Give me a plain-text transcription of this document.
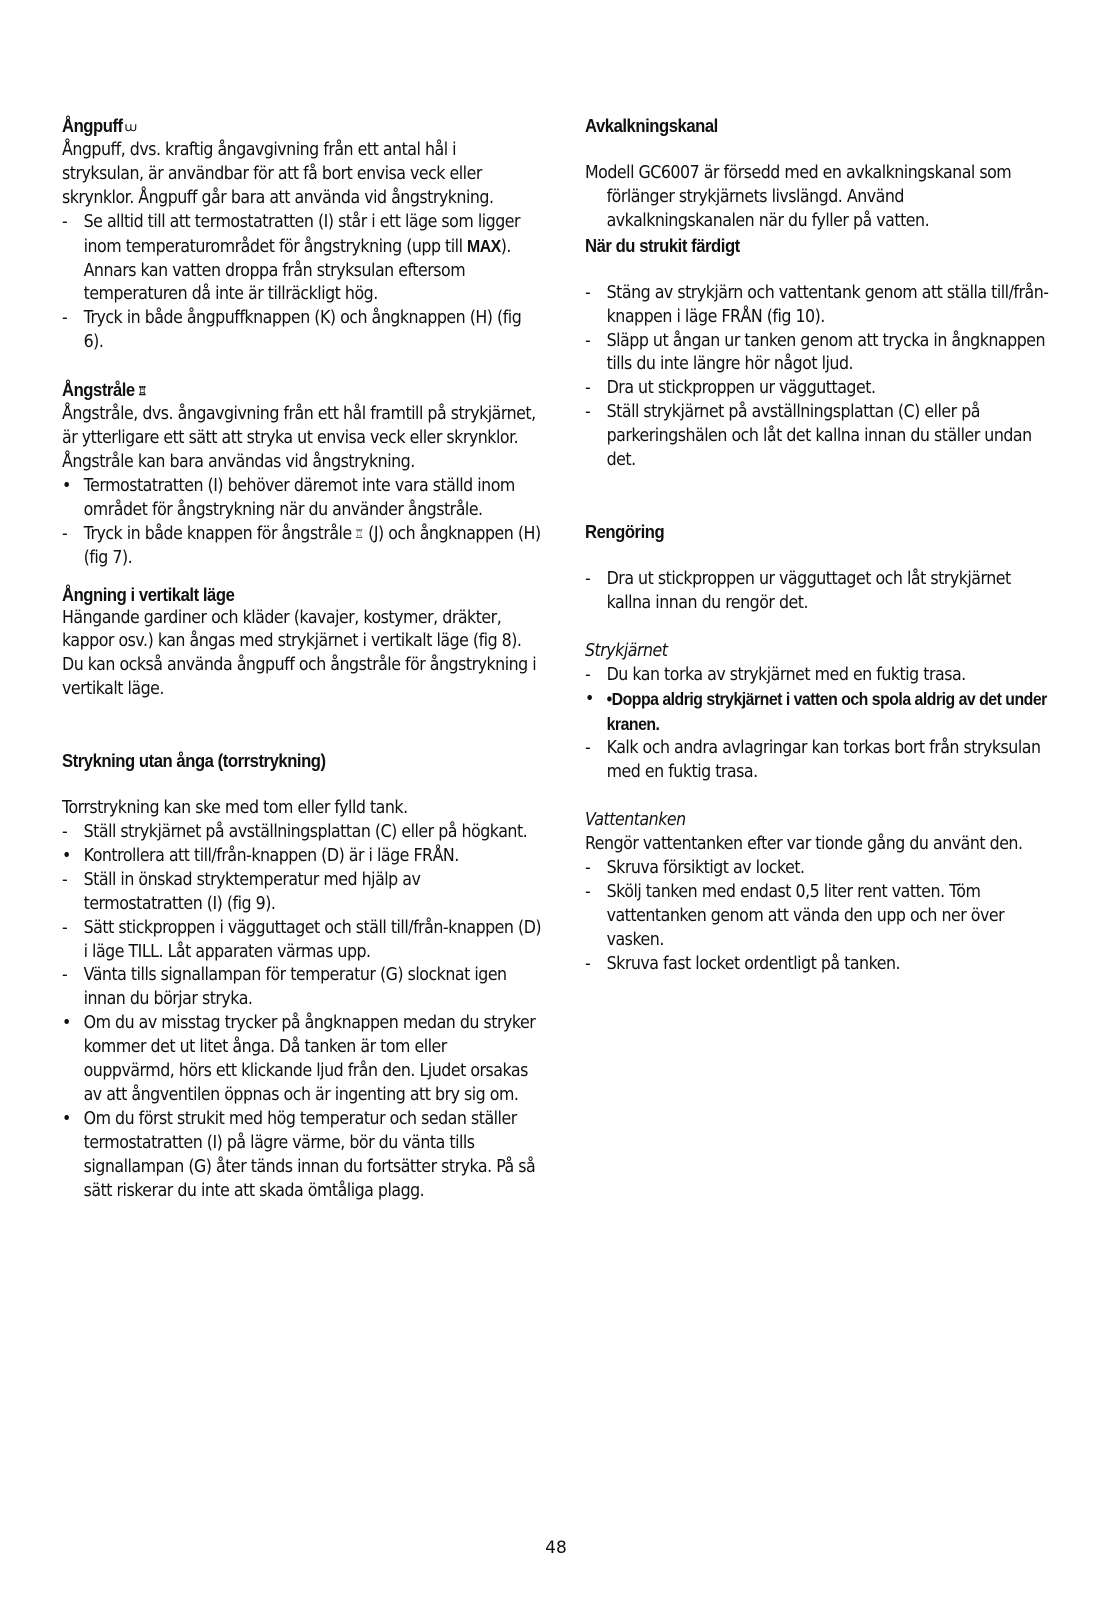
Ångpuff ⩊

Ångpuff, dvs. kraftig ångavgivning från ett antal hål i stryksulan, är användbar för att få bort envisa veck eller skrynklor. Ångpuff går bara att använda vid ångstrykning.

- Se alltid till att termostatratten (I) står i ett läge som ligger inom temperaturområdet för ångstrykning (upp till MAX). Annars kan vatten droppa från stryksulan eftersom temperaturen då inte är tillräckligt hög.
- Tryck in både ångpuffknappen (K) och ångknappen (H) (fig 6).

Ångstråle ♖

Ångstråle, dvs. ångavgivning från ett hål framtill på strykjärnet, är ytterligare ett sätt att stryka ut envisa veck eller skrynklor. Ångstråle kan bara användas vid ångstrykning.

• Termostatratten (I) behöver däremot inte vara ställd inom området för ångstrykning när du använder ångstråle.
- Tryck in både knappen för ångstråle ♖ (J) och ångknappen (H) (fig 7).

Ångning i vertikalt läge

Hängande gardiner och kläder (kavajer, kostymer, dräkter, kappor osv.) kan ångas med strykjärnet i vertikalt läge (fig 8). Du kan också använda ångpuff och ångstråle för ångstrykning i vertikalt läge.

Strykning utan ånga (torrstrykning)

Torrstrykning kan ske med tom eller fylld tank.

- Ställ strykjärnet på avställningsplattan (C) eller på högkant.
• Kontrollera att till/från-knappen (D) är i läge FRÅN.
- Ställ in önskad stryktemperatur med hjälp av termostatratten (I) (fig 9).
- Sätt stickproppen i vägguttaget och ställ till/från-knappen (D) i läge TILL. Låt apparaten värmas upp.
- Vänta tills signallampan för temperatur (G) slocknat igen innan du börjar stryka.
• Om du av misstag trycker på ångknappen medan du stryker kommer det ut litet ånga. Då tanken är tom eller ouppvärmd, hörs ett klickande ljud från den. Ljudet orsakas av att ångventilen öppnas och är ingenting att bry sig om.
• Om du först strukit med hög temperatur och sedan ställer termostatratten (I) på lägre värme, bör du vänta tills signallampan (G) åter tänds innan du fortsätter stryka. På så sätt riskerar du inte att skada ömtåliga plagg.

Avkalkningskanal

Modell GC6007 är försedd med en avkalkningskanal som förlänger strykjärnets livslängd. Använd avkalkningskanalen när du fyller på vatten.

När du strukit färdigt

- Stäng av strykjärn och vattentank genom att ställa till/från-knappen i läge FRÅN (fig 10).
- Släpp ut ångan ur tanken genom att trycka in ångknappen tills du inte längre hör något ljud.
- Dra ut stickproppen ur vägguttaget.
- Ställ strykjärnet på avställningsplattan (C) eller på parkeringshälen och låt det kallna innan du ställer undan det.

Rengöring

- Dra ut stickproppen ur vägguttaget och låt strykjärnet kallna innan du rengör det.

Strykjärnet

- Du kan torka av strykjärnet med en fuktig trasa.
• •Doppa aldrig strykjärnet i vatten och spola aldrig av det under kranen.
- Kalk och andra avlagringar kan torkas bort från stryksulan med en fuktig trasa.

Vattentanken

Rengör vattentanken efter var tionde gång du använt den.

- Skruva försiktigt av locket.
- Skölj tanken med endast 0,5 liter rent vatten. Töm vattentanken genom att vända den upp och ner över vasken.
- Skruva fast locket ordentligt på tanken.
48
